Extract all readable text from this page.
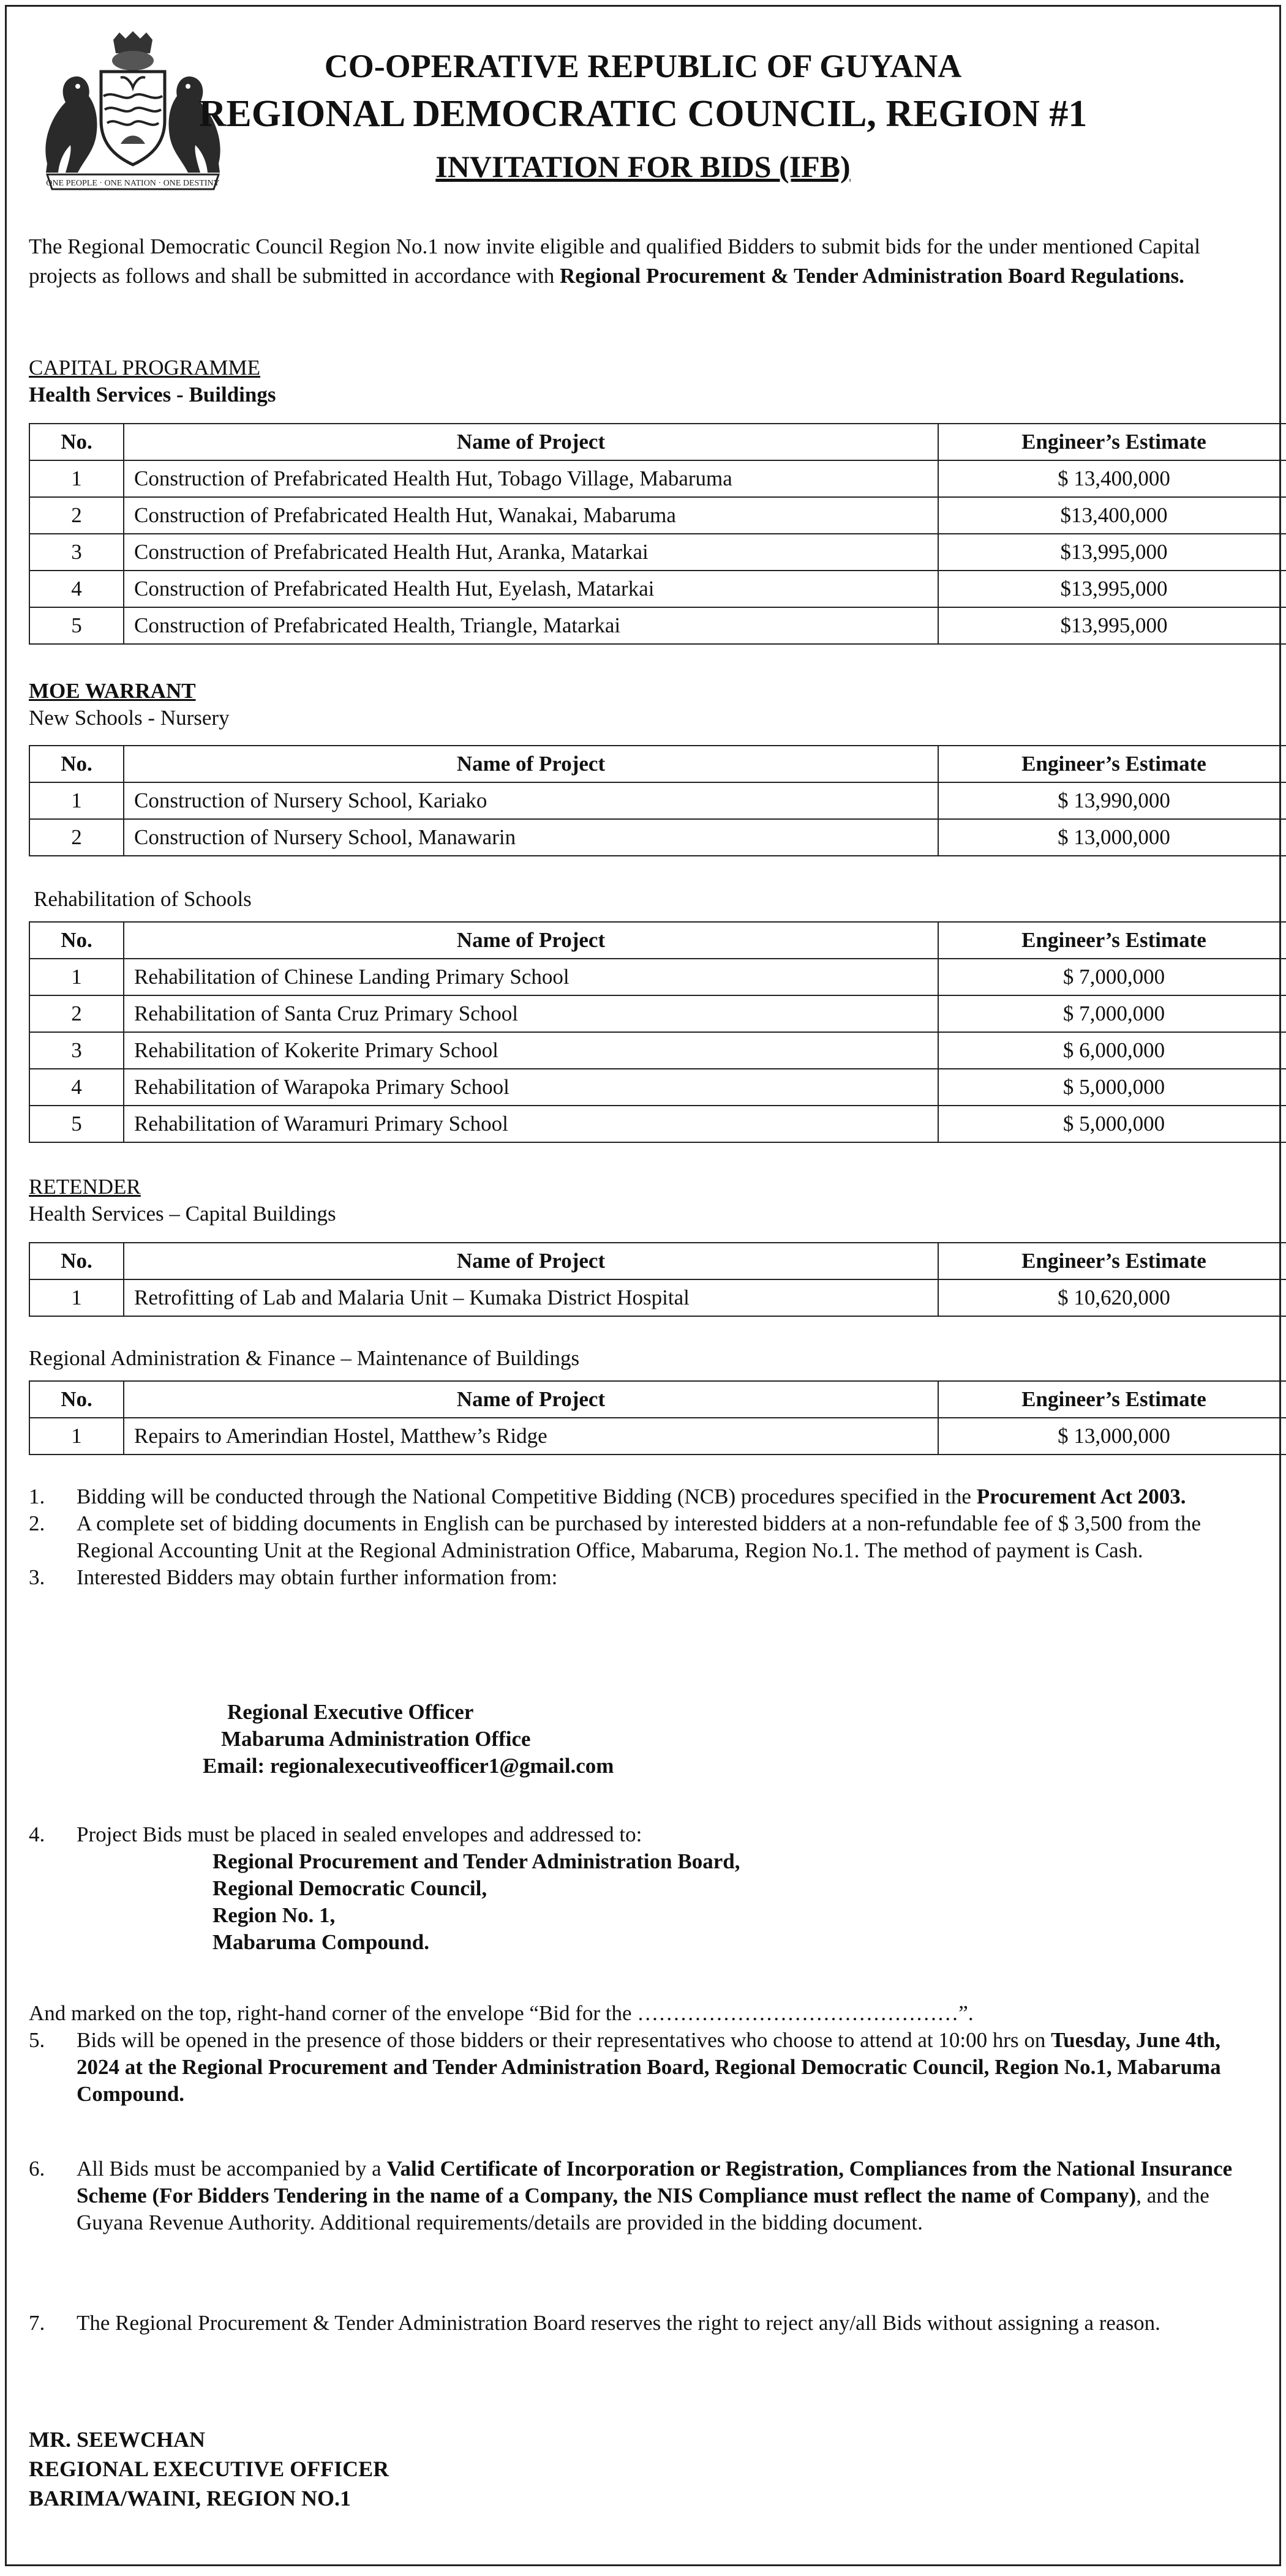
ONE PEOPLE · ONE NATION · ONE DESTINY
CO-OPERATIVE REPUBLIC OF GUYANA
REGIONAL DEMOCRATIC COUNCIL, REGION #1
INVITATION FOR BIDS (IFB)
The Regional Democratic Council Region No.1 now invite eligible and qualified Bidders to submit bids for the under mentioned Capital projects as follows and shall be submitted in accordance with Regional Procurement & Tender Administration Board Regulations.
CAPITAL PROGRAMME
Health Services - Buildings
No.	Name of Project	Engineer’s Estimate
1	Construction of Prefabricated Health Hut, Tobago Village, Mabaruma	$ 13,400,000
2	Construction of Prefabricated Health Hut, Wanakai, Mabaruma	$13,400,000
3	Construction of Prefabricated Health Hut, Aranka, Matarkai	$13,995,000
4	Construction of Prefabricated Health Hut, Eyelash, Matarkai	$13,995,000
5	Construction of Prefabricated Health, Triangle, Matarkai	$13,995,000
MOE WARRANT
New Schools - Nursery
No.	Name of Project	Engineer’s Estimate
1	Construction of Nursery School, Kariako	$ 13,990,000
2	Construction of Nursery School, Manawarin	$ 13,000,000
Rehabilitation of Schools
No.	Name of Project	Engineer’s Estimate
1	Rehabilitation of Chinese Landing Primary School	$ 7,000,000
2	Rehabilitation of Santa Cruz Primary School	$ 7,000,000
3	Rehabilitation of Kokerite Primary School	$ 6,000,000
4	Rehabilitation of Warapoka Primary School	$ 5,000,000
5	Rehabilitation of Waramuri Primary School	$ 5,000,000
RETENDER
Health Services – Capital Buildings
No.	Name of Project	Engineer’s Estimate
1	Retrofitting of Lab and Malaria Unit – Kumaka District Hospital	$ 10,620,000
Regional Administration & Finance – Maintenance of Buildings
No.	Name of Project	Engineer’s Estimate
1	Repairs to Amerindian Hostel, Matthew’s Ridge	$ 13,000,000
1. Bidding will be conducted through the National Competitive Bidding (NCB) procedures specified in the Procurement Act 2003.
2. A complete set of bidding documents in English can be purchased by interested bidders at a non-refundable fee of $ 3,500 from the Regional Accounting Unit at the Regional Administration Office, Mabaruma, Region No.1. The method of payment is Cash.
3. Interested Bidders may obtain further information from:
Regional Executive Officer
Mabaruma Administration Office
Email: regionalexecutiveofficer1@gmail.com
4. Project Bids must be placed in sealed envelopes and addressed to:
Regional Procurement and Tender Administration Board,
Regional Democratic Council,
Region No. 1,
Mabaruma Compound.
And marked on the top, right-hand corner of the envelope “Bid for the ………………………………………”.
5. Bids will be opened in the presence of those bidders or their representatives who choose to attend at 10:00 hrs on Tuesday, June 4th, 2024 at the Regional Procurement and Tender Administration Board, Regional Democratic Council, Region No.1, Mabaruma Compound.
6. All Bids must be accompanied by a Valid Certificate of Incorporation or Registration, Compliances from the National Insurance Scheme (For Bidders Tendering in the name of a Company, the NIS Compliance must reflect the name of Company), and the Guyana Revenue Authority. Additional requirements/details are provided in the bidding document.
7. The Regional Procurement & Tender Administration Board reserves the right to reject any/all Bids without assigning a reason.
MR. SEEWCHAN
REGIONAL EXECUTIVE OFFICER
BARIMA/WAINI, REGION NO.1
